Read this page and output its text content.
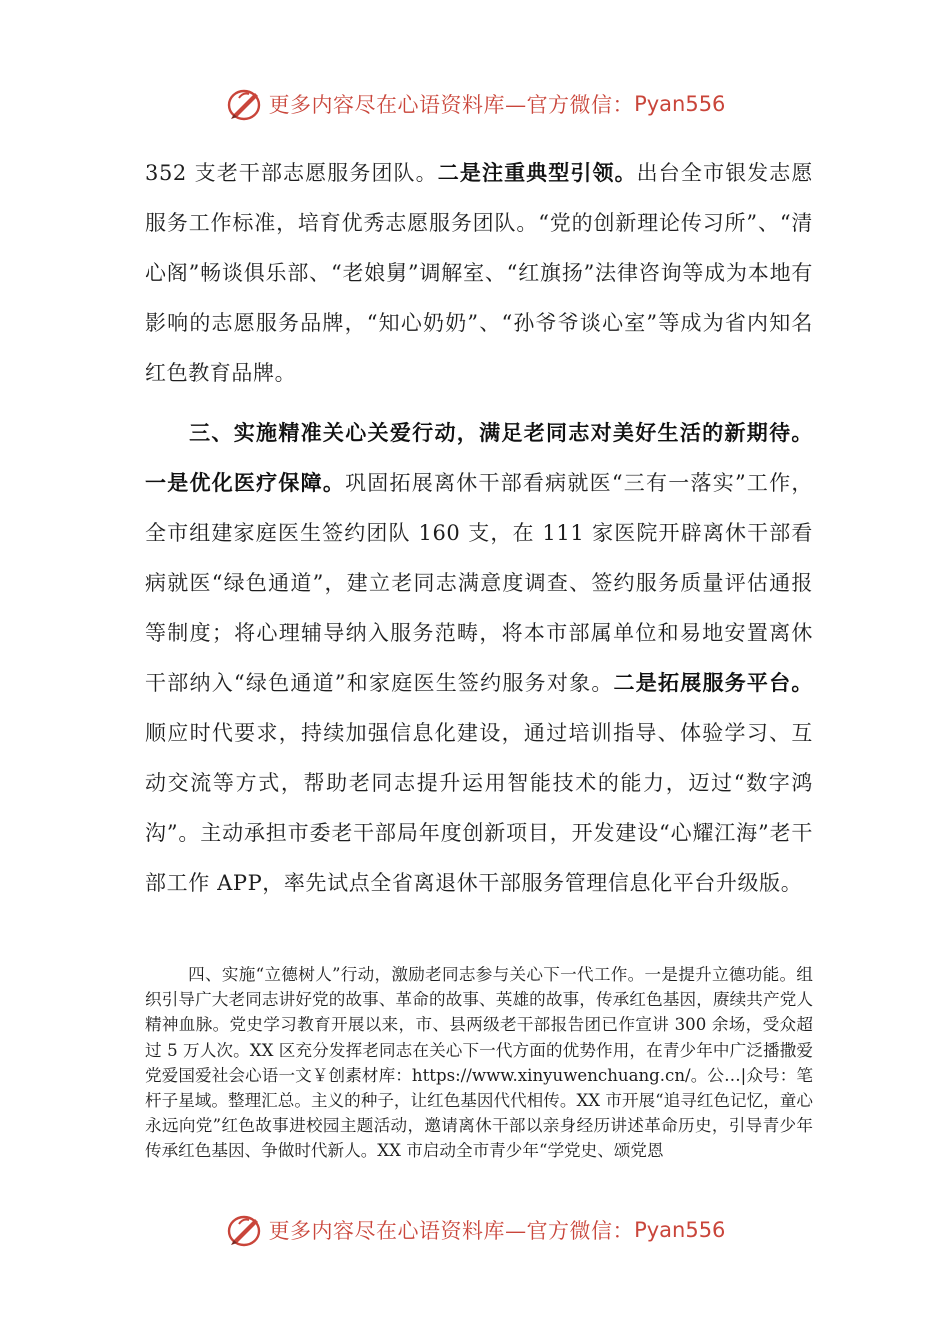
更多内容尽在心语资料库 —官方微信： Pyan556

352 支老干部志愿服务团队。二是注重典型引领。出台全市银发志愿服务工作标准，培育优秀志愿服务团队。“党的创新理论传习所”、“清心阁”畅谈俱乐部、“老娘舅”调解室、“红旗扬”法律咨询等成为本地有影响的志愿服务品牌，“知心奶奶”、“孙爷爷谈心室”等成为省内知名红色教育品牌。

三、实施精准关心关爱行动，满足老同志对美好生活的新期待。一是优化医疗保障。巩固拓展离休干部看病就医“三有一落实”工作，全市组建家庭医生签约团队 160 支，在 111 家医院开辟离休干部看病就医“绿色通道”，建立老同志满意度调查、签约服务质量评估通报等制度；将心理辅导纳入服务范畴，将本市部属单位和易地安置离休干部纳入“绿色通道”和家庭医生签约服务对象。二是拓展服务平台。顺应时代要求，持续加强信息化建设，通过培训指导、体验学习、互动交流等方式，帮助老同志提升运用智能技术的能力，迈过“数字鸿沟”。主动承担市委老干部局年度创新项目，开发建设“心耀江海”老干部工作 APP，率先试点全省离退休干部服务管理信息化平台升级版。

四、实施“立德树人”行动，激励老同志参与关心下一代工作。一是提升立德功能。组织引导广大老同志讲好党的故事、革命的故事、英雄的故事，传承红色基因，赓续共产党人精神血脉。党史学习教育开展以来，市、县两级老干部报告团已作宣讲 300 余场，受众超过 5 万人次。XX 区充分发挥老同志在关心下一代方面的优势作用，在青少年中广泛播撒爱党爱国爱社会心语一文￥创素材库：https://www.xinyuwenchuang.cn/。公…|众号：笔杆子星域。整理汇总。主义的种子，让红色基因代代相传。XX 市开展“追寻红色记忆，童心永远向党”红色故事进校园主题活动，邀请离休干部以亲身经历讲述革命历史，引导青少年传承红色基因、争做时代新人。XX 市启动全市青少年“学党史、颂党恩

更多内容尽在心语资料库 —官方微信： Pyan556
